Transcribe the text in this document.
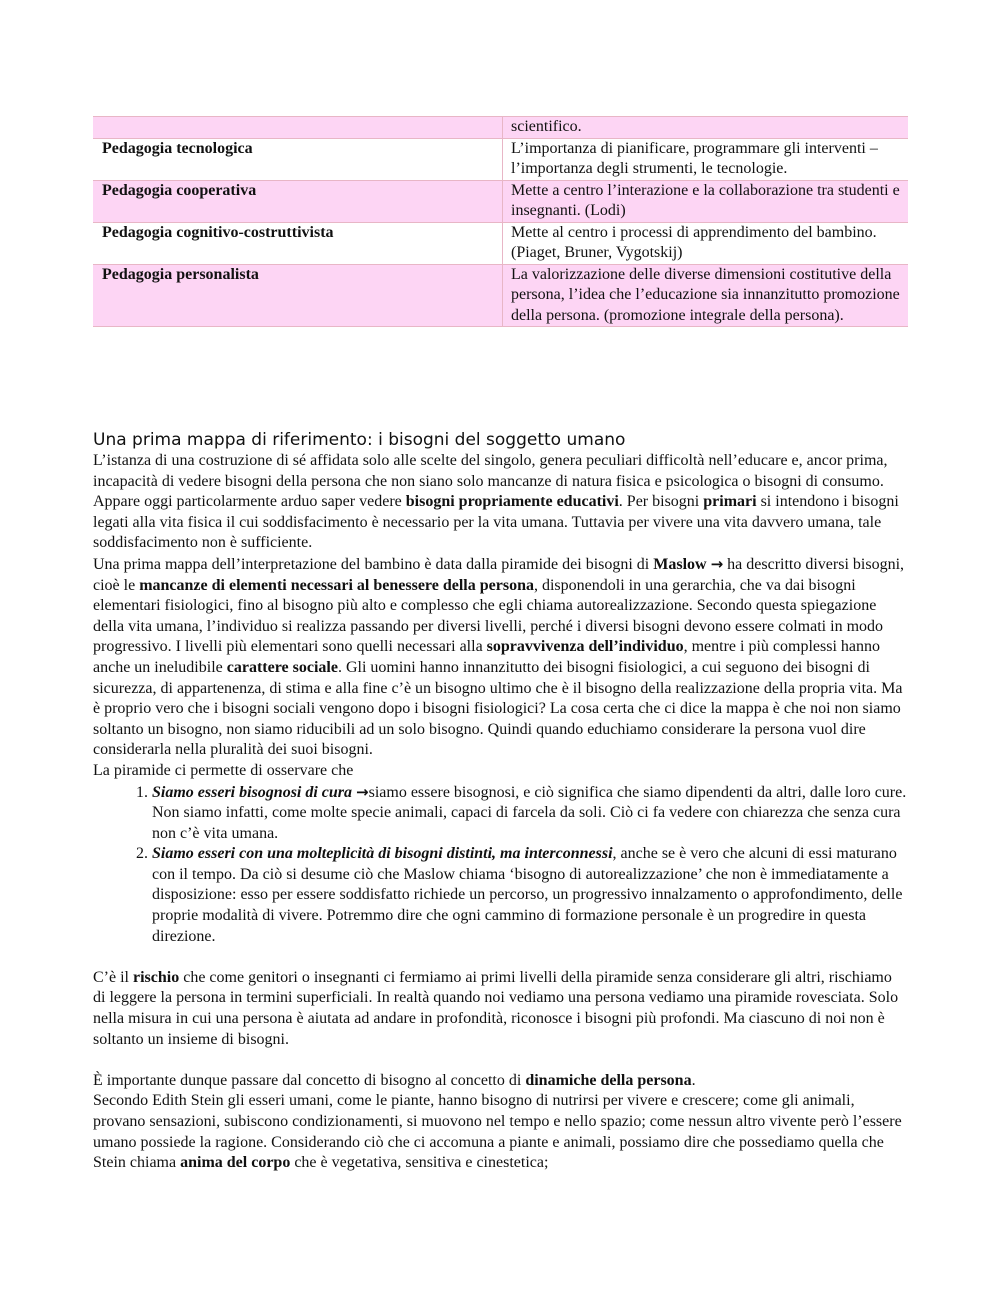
	scientifico.
Pedagogia tecnologica	L’importanza di pianificare, programmare gli interventi – l’importanza degli strumenti, le tecnologie.
Pedagogia cooperativa	Mette a centro l’interazione e la collaborazione tra studenti e insegnanti. (Lodi)
Pedagogia cognitivo-costruttivista	Mette al centro i processi di apprendimento del bambino. (Piaget, Bruner, Vygotskij)
Pedagogia personalista	La valorizzazione delle diverse dimensioni costitutive della persona, l’idea che l’educazione sia innanzitutto promozione della persona. (promozione integrale della persona).
Una prima mappa di riferimento: i bisogni del soggetto umano

L’istanza di una costruzione di sé affidata solo alle scelte del singolo, genera peculiari difficoltà nell’educare e, ancor prima, incapacità di vedere bisogni della persona che non siano solo mancanze di natura fisica e psicologica o bisogni di consumo. Appare oggi particolarmente arduo saper vedere bisogni propriamente educativi. Per bisogni primari si intendono i bisogni legati alla vita fisica il cui soddisfacimento è necessario per la vita umana. Tuttavia per vivere una vita davvero umana, tale soddisfacimento non è sufficiente.

Una prima mappa dell’interpretazione del bambino è data dalla piramide dei bisogni di Maslow → ha descritto diversi bisogni, cioè le mancanze di elementi necessari al benessere della persona, disponendoli in una gerarchia, che va dai bisogni elementari fisiologici, fino al bisogno più alto e complesso che egli chiama autorealizzazione. Secondo questa spiegazione della vita umana, l’individuo si realizza passando per diversi livelli, perché i diversi bisogni devono essere colmati in modo progressivo. I livelli più elementari sono quelli necessari alla sopravvivenza dell’individuo, mentre i più complessi hanno anche un ineludibile carattere sociale. Gli uomini hanno innanzitutto dei bisogni fisiologici, a cui seguono dei bisogni di sicurezza, di appartenenza, di stima e alla fine c’è un bisogno ultimo che è il bisogno della realizzazione della propria vita. Ma è proprio vero che i bisogni sociali vengono dopo i bisogni fisiologici? La cosa certa che ci dice la mappa è che noi non siamo soltanto un bisogno, non siamo riducibili ad un solo bisogno. Quindi quando educhiamo considerare la persona vuol dire considerarla nella pluralità dei suoi bisogni.

La piramide ci permette di osservare che

1. Siamo esseri bisognosi di cura →siamo essere bisognosi, e ciò significa che siamo dipendenti da altri, dalle loro cure. Non siamo infatti, come molte specie animali, capaci di farcela da soli. Ciò ci fa vedere con chiarezza che senza cura non c’è vita umana.
2. Siamo esseri con una molteplicità di bisogni distinti, ma interconnessi, anche se è vero che alcuni di essi maturano con il tempo. Da ciò si desume ciò che Maslow chiama ‘bisogno di autorealizzazione’ che non è immediatamente a disposizione: esso per essere soddisfatto richiede un percorso, un progressivo innalzamento o approfondimento, delle proprie modalità di vivere. Potremmo dire che ogni cammino di formazione personale è un progredire in questa direzione.

C’è il rischio che come genitori o insegnanti ci fermiamo ai primi livelli della piramide senza considerare gli altri, rischiamo di leggere la persona in termini superficiali. In realtà quando noi vediamo una persona vediamo una piramide rovesciata. Solo nella misura in cui una persona è aiutata ad andare in profondità, riconosce i bisogni più profondi. Ma ciascuno di noi non è soltanto un insieme di bisogni.

È importante dunque passare dal concetto di bisogno al concetto di dinamiche della persona.

Secondo Edith Stein gli esseri umani, come le piante, hanno bisogno di nutrirsi per vivere e crescere; come gli animali, provano sensazioni, subiscono condizionamenti, si muovono nel tempo e nello spazio; come nessun altro vivente però l’essere umano possiede la ragione. Considerando ciò che ci accomuna a piante e animali, possiamo dire che possediamo quella che Stein chiama anima del corpo che è vegetativa, sensitiva e cinestetica;
